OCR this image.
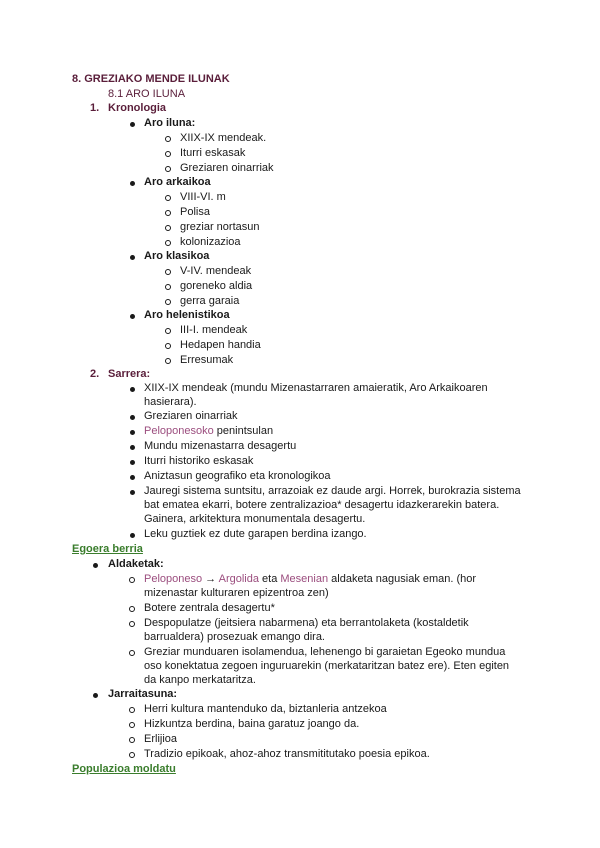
8. GREZIAKO MENDE ILUNAK
8.1 ARO ILUNA
1. Kronologia
Aro iluna:
XIIX-IX mendeak.
Iturri eskasak
Greziaren oinarriak
Aro arkaikoa
VIII-VI. m
Polisa
greziar nortasun
kolonizazioa
Aro klasikoa
V-IV. mendeak
goreneko aldia
gerra garaia
Aro helenistikoa
III-I. mendeak
Hedapen handia
Erresumak
2. Sarrera:
XIIX-IX mendeak (mundu Mizenastarraren amaieratik, Aro Arkaikoaren
hasierara).
Greziaren oinarriak
Peloponesoko penintsulan
Mundu mizenastarra desagertu
Iturri historiko eskasak
Aniztasun geografiko eta kronologikoa
Jauregi sistema suntsitu, arrazoiak ez daude argi. Horrek, burokrazia sistema
bat ematea ekarri, botere zentralizazioa* desagertu idazkerarekin batera.
Gainera, arkitektura monumentala desagertu.
Leku guztiek ez dute garapen berdina izango.
Egoera berria
Aldaketak:
Peloponeso → Argolida eta Mesenian aldaketa nagusiak eman. (hor
mizenastar kulturaren epizentroa zen)
Botere zentrala desagertu*
Despopulatze (jeitsiera nabarmena) eta berrantolaketa (kostaldetik
barrualdera) prosezuak emango dira.
Greziar munduaren isolamendua, lehenengo bi garaietan Egeoko mundua
oso konektatua zegoen inguruarekin (merkataritzan batez ere). Eten egiten
da kanpo merkataritza.
Jarraitasuna:
Herri kultura mantenduko da, biztanleria antzekoa
Hizkuntza berdina, baina garatuz joango da.
Erlijioa
Tradizio epikoak, ahoz-ahoz transmititutako poesia epikoa.
Populazioa moldatu
